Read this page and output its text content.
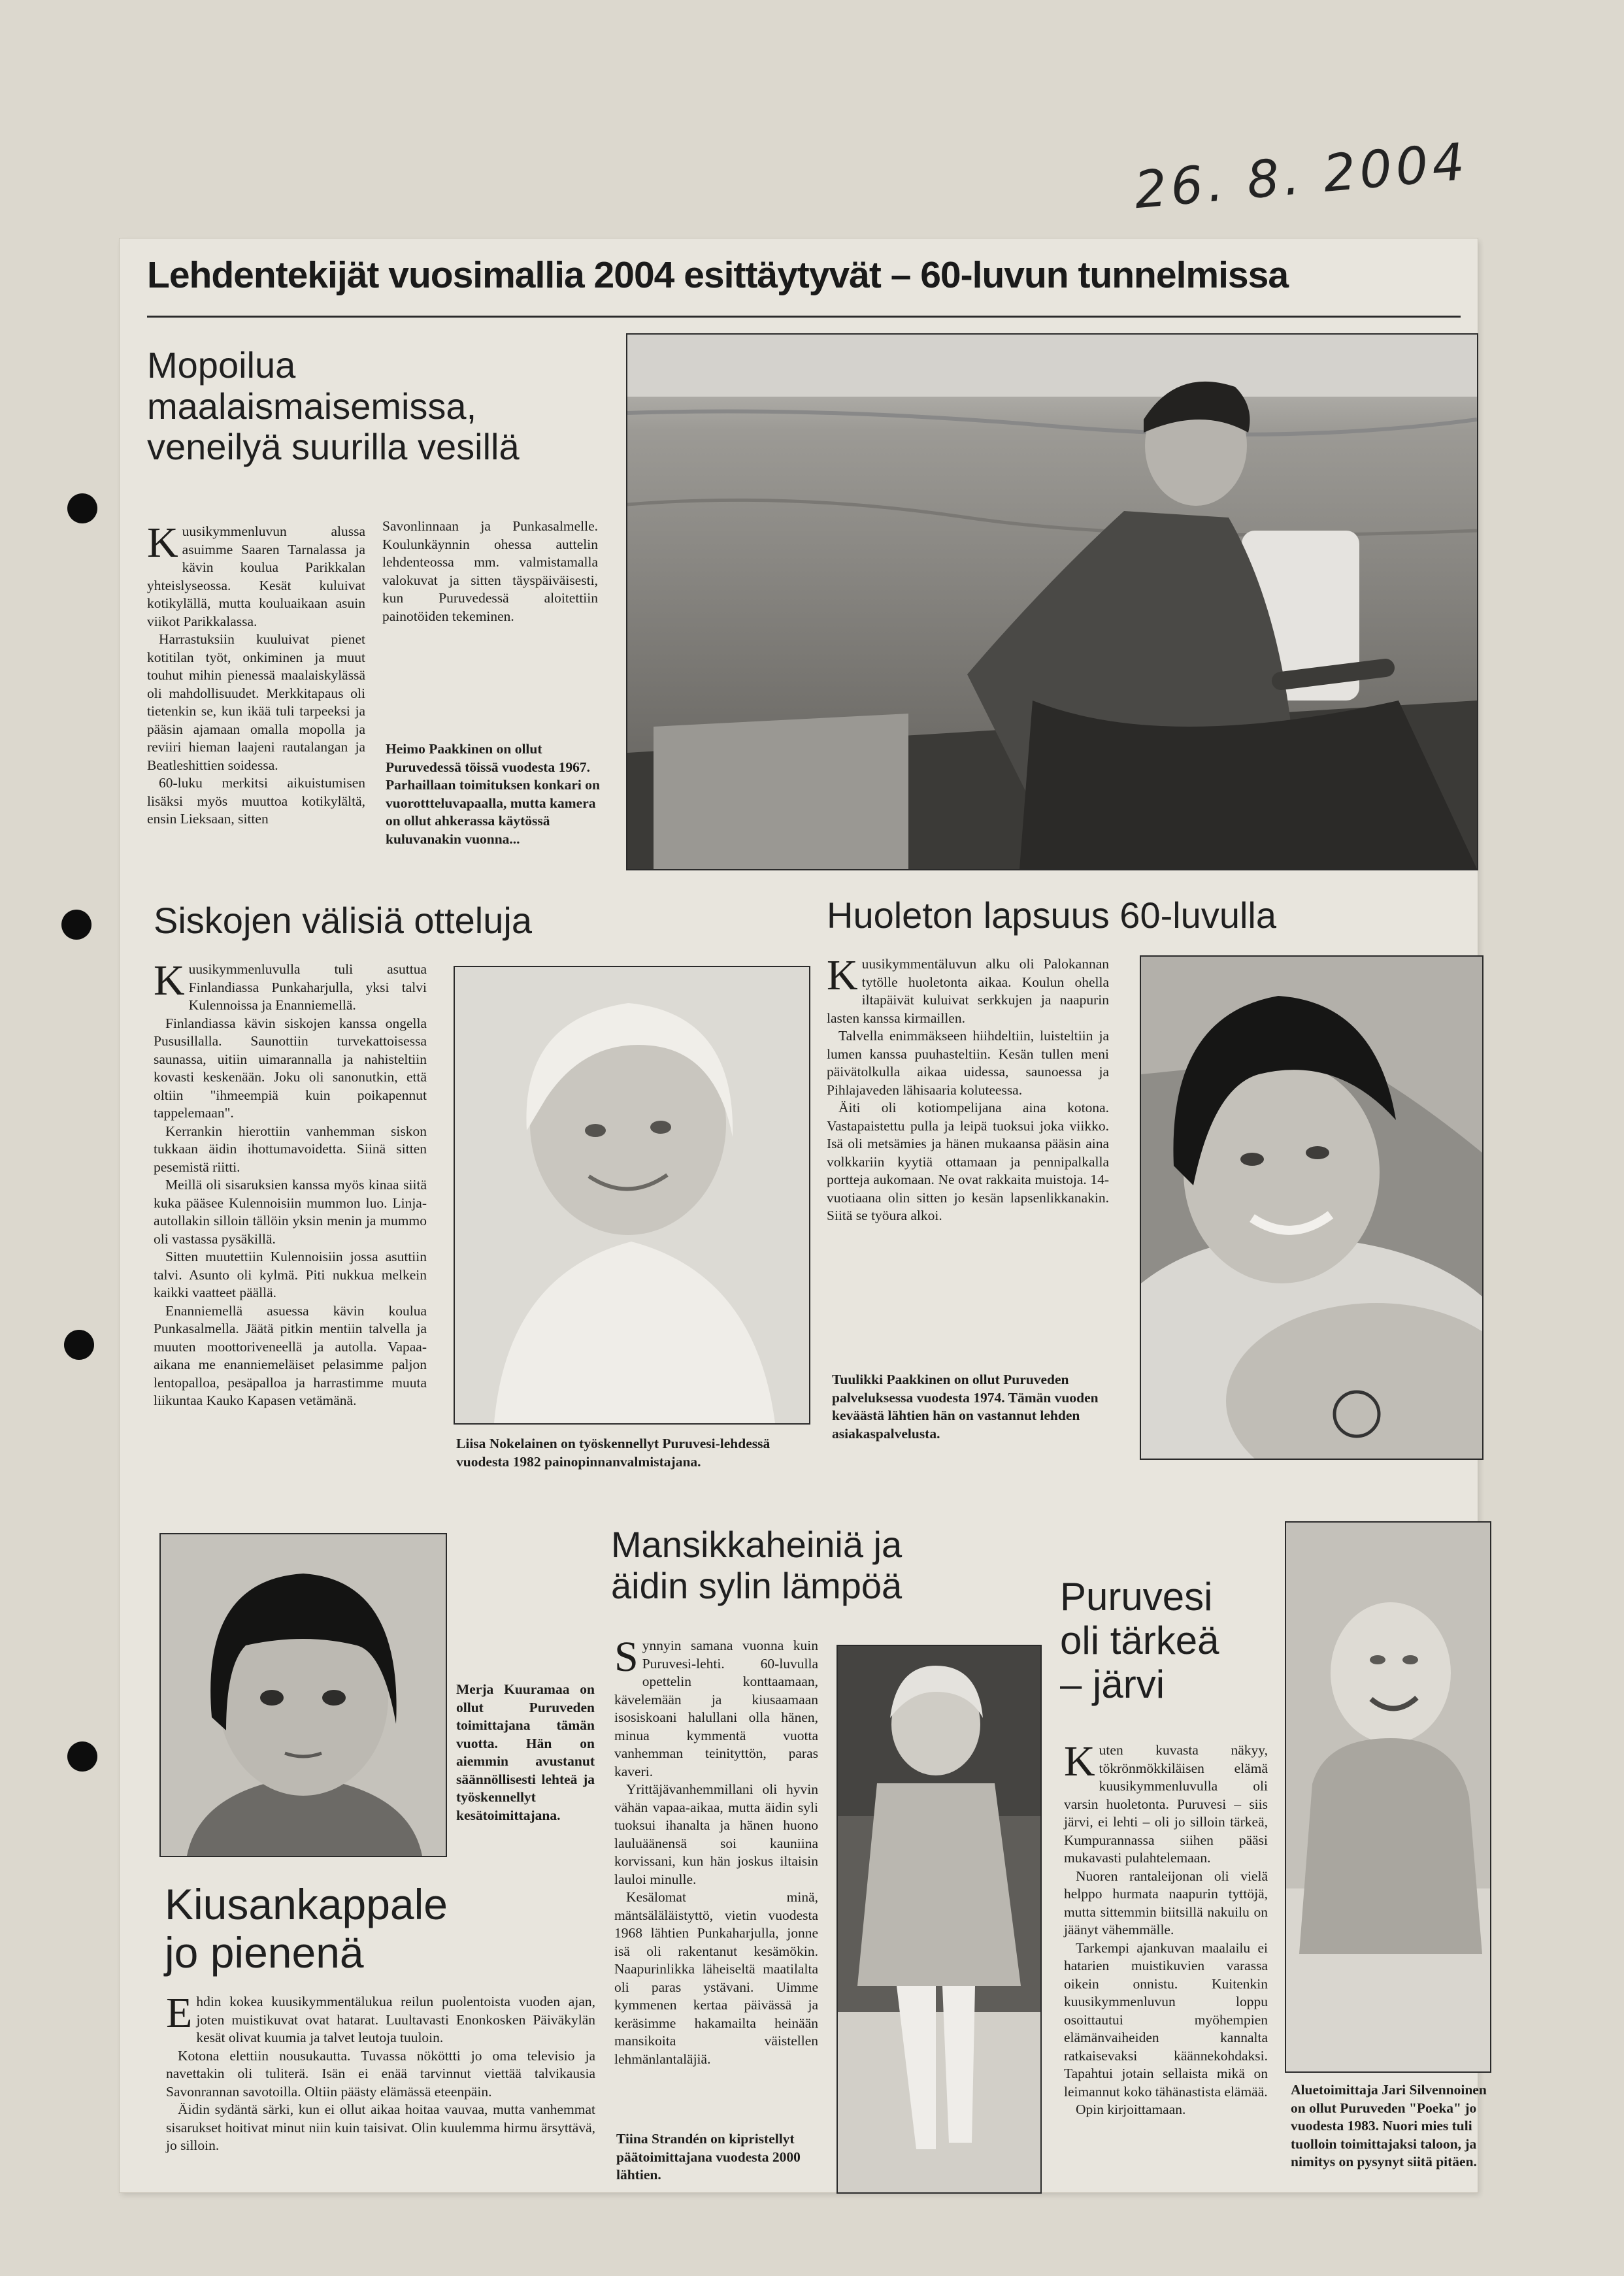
26. 8. 2004
Lehdentekijät vuosimallia 2004 esittäytyvät – 60-luvun tunnelmissa
Mopoilua
maalaismaisemissa,
veneilyä suurilla vesillä

Kuusikymmenluvun alussa asuimme Saaren Tarnalassa ja kävin koulua Parikkalan yhteislyseossa. Kesät kuluivat kotikylällä, mutta kouluaikaan asuin viikot Parikkalassa.

Harrastuksiin kuuluivat pienet kotitilan työt, onkiminen ja muut touhut mihin pienessä maalaiskylässä oli mahdollisuudet. Merkkitapaus oli tietenkin se, kun ikää tuli tarpeeksi ja pääsin ajamaan omalla mopolla ja reviiri hieman laajeni rautalangan ja Beatleshittien soidessa.

60-luku merkitsi aikuistumisen lisäksi myös muuttoa kotikylältä, ensin Lieksaan, sitten

Savonlinnaan ja Punkasalmelle. Koulunkäynnin ohessa auttelin lehdenteossa mm. valmistamalla valokuvat ja sitten täyspäiväisesti, kun Puruvedessä aloitettiin painotöiden tekeminen.

Heimo Paakkinen on ollut Puruvedessä töissä vuodesta 1967. Parhaillaan toimituksen konkari on vuorottteluvapaalla, mutta kamera on ollut ahkerassa käytössä kuluvanakin vuonna...
Siskojen välisiä otteluja

Kuusikymmenluvulla tuli asuttua Finlandiassa Punkaharjulla, yksi talvi Kulennoissa ja Enanniemellä.

Finlandiassa kävin siskojen kanssa ongella Pususillalla. Saunottiin turvekattoisessa saunassa, uitiin uimarannalla ja nahisteltiin kovasti keskenään. Joku oli sanonutkin, että oltiin "ihmeempiä kuin poikapennut tappelemaan".

Kerrankin hierottiin vanhemman siskon tukkaan äidin ihottumavoidetta. Siinä sitten pesemistä riitti.

Meillä oli sisaruksien kanssa myös kinaa siitä kuka pääsee Kulennoisiin mummon luo. Linja-autollakin silloin tällöin yksin menin ja mummo oli vastassa pysäkillä.

Sitten muutettiin Kulennoisiin jossa asuttiin talvi. Asunto oli kylmä. Piti nukkua melkein kaikki vaatteet päällä.

Enanniemellä asuessa kävin koulua Punkasalmella. Jäätä pitkin mentiin talvella ja muuten moottoriveneellä ja autolla. Vapaa-aikana me enanniemeläiset pelasimme paljon lentopalloa, pesäpalloa ja harrastimme muuta liikuntaa Kauko Kapasen vetämänä.

Liisa Nokelainen on työskennellyt Puruvesi-lehdessä vuodesta 1982 painopinnanvalmistajana.
Huoleton lapsuus 60-luvulla

Kuusikymmentäluvun alku oli Palokannan tytölle huoletonta aikaa. Koulun ohella iltapäivät kuluivat serkkujen ja naapurin lasten kanssa kirmaillen.

Talvella enimmäkseen hiihdeltiin, luisteltiin ja lumen kanssa puuhasteltiin. Kesän tullen meni päivätolkulla aikaa uidessa, saunoessa ja Pihlajaveden lähisaaria koluteessa.

Äiti oli kotiompelijana aina kotona. Vastapaistettu pulla ja leipä tuoksui joka viikko. Isä oli metsämies ja hänen mukaansa pääsin aina volkkariin kyytiä ottamaan ja pennipalkalla portteja aukomaan. Ne ovat rakkaita muistoja. 14-vuotiaana olin sitten jo kesän lapsenlikkanakin. Siitä se työura alkoi.

Tuulikki Paakkinen on ollut Puruveden palveluksessa vuodesta 1974. Tämän vuoden keväästä lähtien hän on vastannut lehden asiakaspalvelusta.
Merja Kuuramaa on ollut Puruveden toimittajana tämän vuotta. Hän on aiemmin avustanut säännöllisesti lehteä ja työskennellyt kesätoimittajana.
Kiusankappale
jo pienenä

Ehdin kokea kuusikymmentälukua reilun puolentoista vuoden ajan, joten muistikuvat ovat hatarat. Luultavasti Enonkosken Päiväkylän kesät olivat kuumia ja talvet leutoja tuuloin.

Kotona elettiin nousukautta. Tuvassa nököttti jo oma televisio ja navettakin oli tuliterä. Isän ei enää tarvinnut viettää talvikausia Savonrannan savotoilla. Oltiin päästy elämässä eteenpäin.

Äidin sydäntä särki, kun ei ollut aikaa hoitaa vauvaa, mutta vanhemmat sisarukset hoitivat minut niin kuin taisivat. Olin kuulemma hirmu ärsyttävä, jo silloin.

Mansikkaheiniä ja
äidin sylin lämpöä

Synnyin samana vuonna kuin Puruvesi-lehti. 60-luvulla opettelin konttaamaan, kävelemään ja kiusaamaan isosiskoani halullani olla hänen, minua kymmentä vuotta vanhemman teinityttön, paras kaveri.

Yrittäjävanhemmillani oli hyvin vähän vapaa-aikaa, mutta äidin syli tuoksui ihanalta ja hänen huono lauluäänensä soi kauniina korvissani, kun hän joskus iltaisin lauloi minulle.

Kesälomat minä, mäntsäläläistyttö, vietin vuodesta 1968 lähtien Punkaharjulla, jonne isä oli rakentanut kesämökin. Naapurinlikka läheiseltä maatilalta oli paras ystävani. Uimme kymmenen kertaa päivässä ja keräsimme hakamailta heinään mansikoita väistellen lehmänlantaläjiä.

Tiina Strandén on kipristellyt päätoimittajana vuodesta 2000 lähtien.
Puruvesi
oli tärkeä
– järvi

Kuten kuvasta näkyy, tökrönmökkiläisen elämä kuusikymmenluvulla oli varsin huoletonta. Puruvesi – siis järvi, ei lehti – oli jo silloin tärkeä, Kumpurannassa siihen pääsi mukavasti pulahtelemaan.

Nuoren rantaleijonan oli vielä helppo hurmata naapurin tyttöjä, mutta sittemmin biitsillä nakuilu on jäänyt vähemmälle.

Tarkempi ajankuvan maalailu ei hatarien muistikuvien varassa oikein onnistu. Kuitenkin kuusikymmenluvun loppu osoittautui myöhempien elämänvaiheiden kannalta ratkaisevaksi käännekohdaksi. Tapahtui jotain sellaista mikä on leimannut koko tähänastista elämää.

Opin kirjoittamaan.

Aluetoimittaja Jari Silvennoinen on ollut Puruveden "Poeka" jo vuodesta 1983. Nuori mies tuli tuolloin toimittajaksi taloon, ja nimitys on pysynyt siitä pitäen.
